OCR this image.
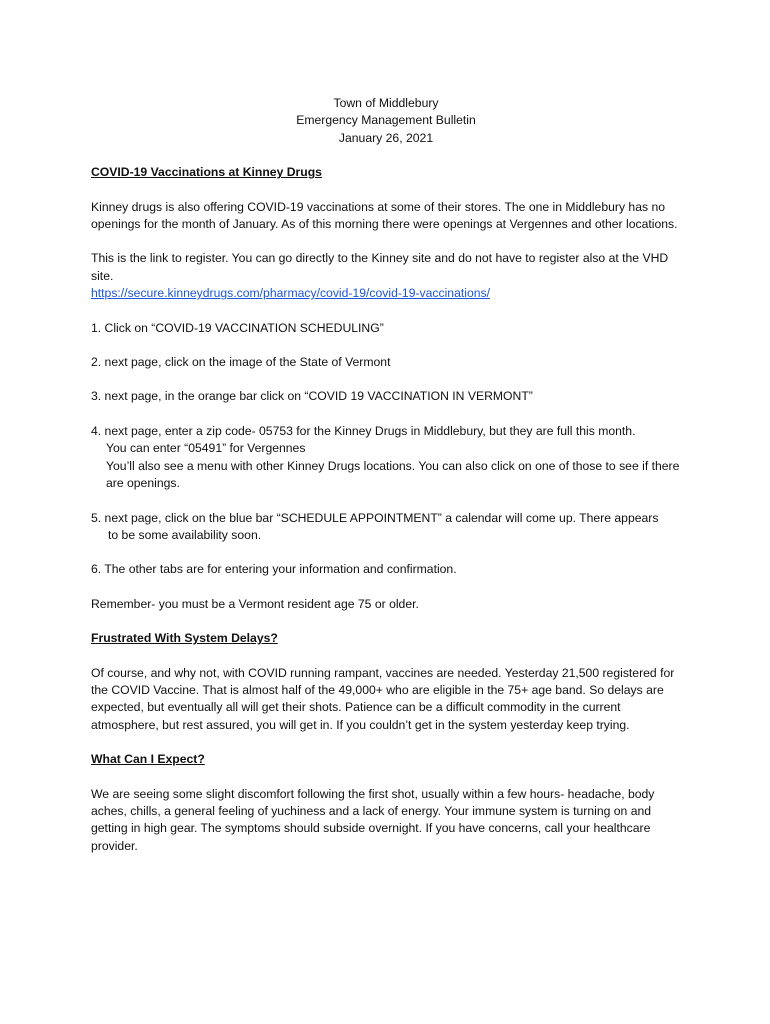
Town of Middlebury
Emergency Management Bulletin
January 26, 2021
COVID-19 Vaccinations at Kinney Drugs

Kinney drugs is also offering COVID-19 vaccinations at some of their stores. The one in Middlebury has no openings for the month of January. As of this morning there were openings at Vergennes and other locations.

This is the link to register. You can go directly to the Kinney site and do not have to register also at the VHD site.
https://secure.kinneydrugs.com/pharmacy/covid-19/covid-19-vaccinations/

1. Click on “COVID-19 VACCINATION SCHEDULING”
2. next page, click on the image of the State of Vermont
3. next page, in the orange bar click on “COVID 19 VACCINATION IN VERMONT”
4. next page, enter a zip code- 05753 for the Kinney Drugs in Middlebury, but they are full this month.
You can enter “05491” for Vergennes
You’ll also see a menu with other Kinney Drugs locations. You can also click on one of those to see if there are openings.
5. next page, click on the blue bar “SCHEDULE APPOINTMENT” a calendar will come up. There appears
to be some availability soon.
6. The other tabs are for entering your information and confirmation.

Remember- you must be a Vermont resident age 75 or older.

Frustrated With System Delays?

Of course, and why not, with COVID running rampant, vaccines are needed. Yesterday 21,500 registered for the COVID Vaccine. That is almost half of the 49,000+ who are eligible in the 75+ age band. So delays are expected, but eventually all will get their shots. Patience can be a difficult commodity in the current atmosphere, but rest assured, you will get in. If you couldn’t get in the system yesterday keep trying.

What Can I Expect?

We are seeing some slight discomfort following the first shot, usually within a few hours- headache, body aches, chills, a general feeling of yuchiness and a lack of energy. Your immune system is turning on and getting in high gear. The symptoms should subside overnight. If you have concerns, call your healthcare provider.
